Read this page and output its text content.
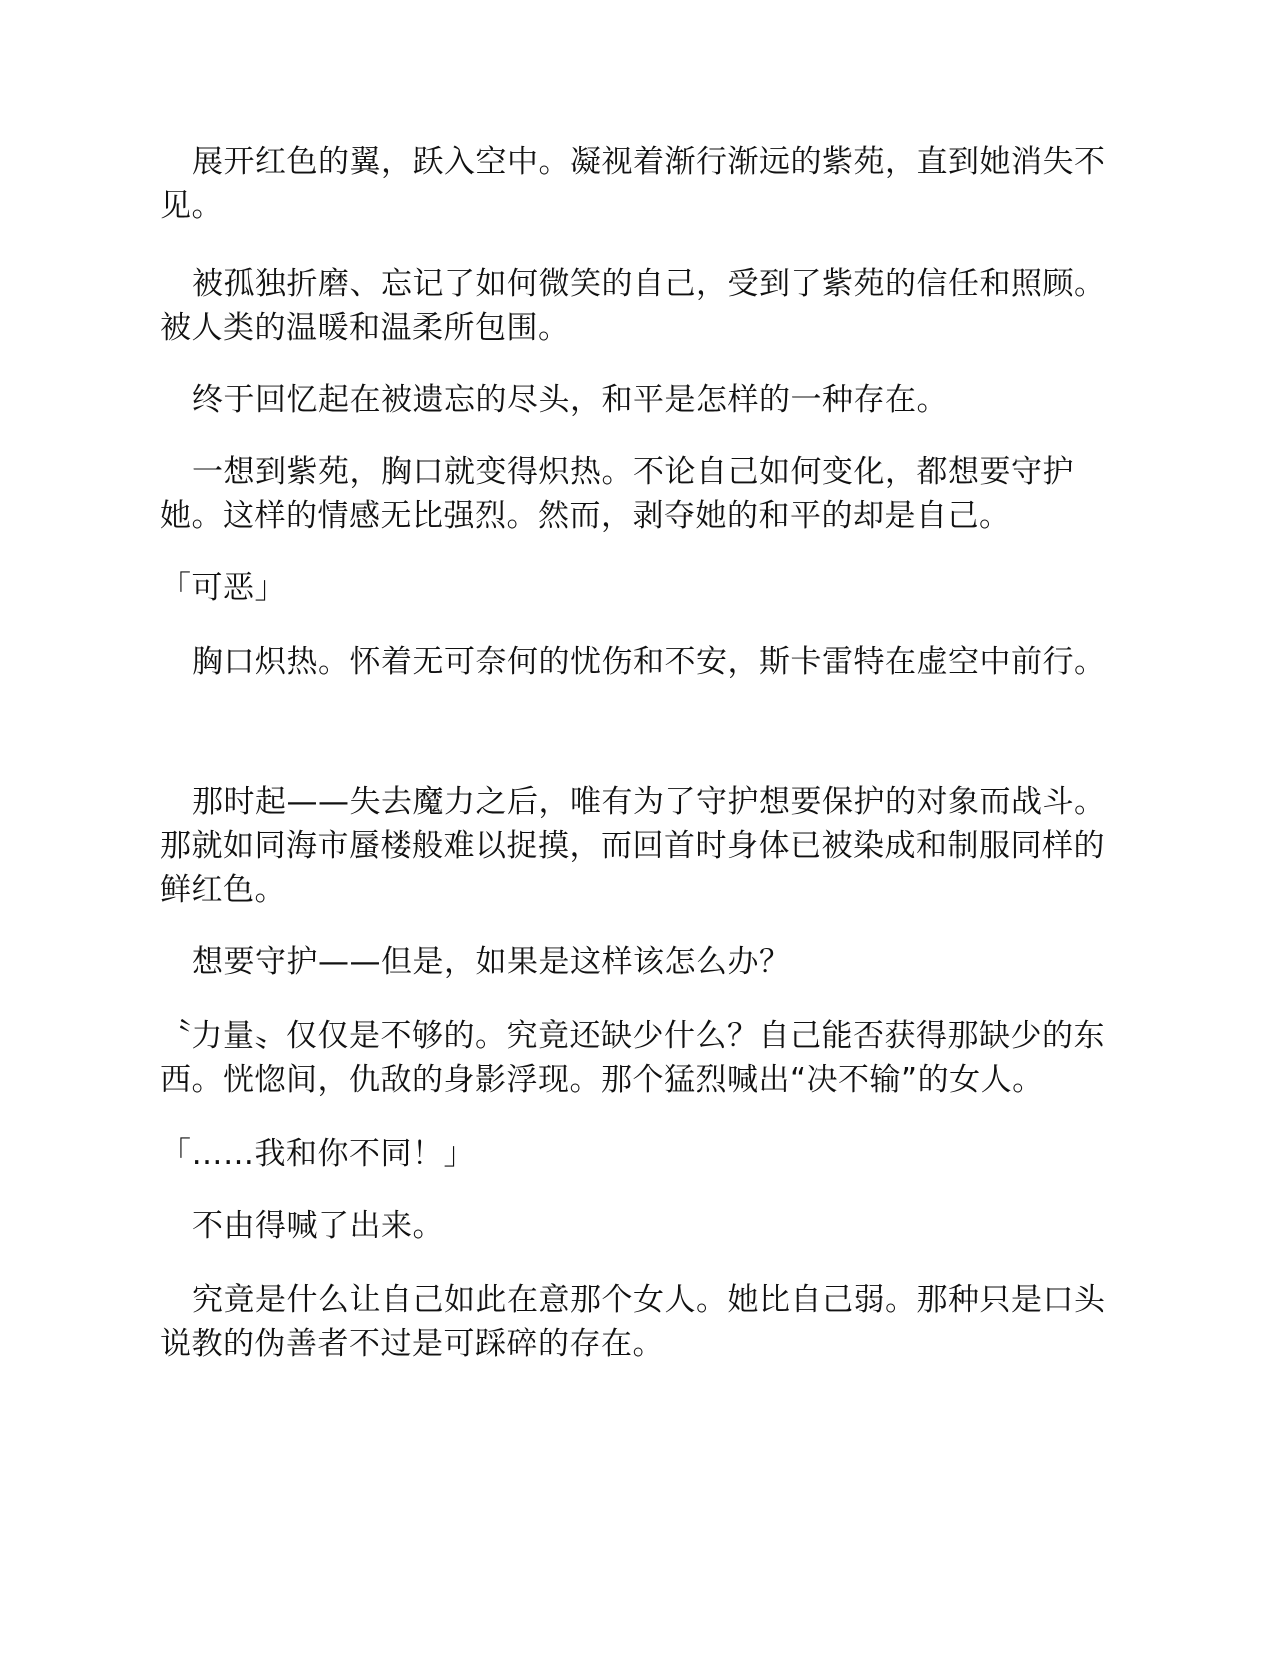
展开红色的翼，跃入空中。凝视着渐行渐远的紫苑，直到她消失不见。

被孤独折磨、忘记了如何微笑的自己，受到了紫苑的信任和照顾。被人类的温暖和温柔所包围。

终于回忆起在被遗忘的尽头，和平是怎样的一种存在。

一想到紫苑，胸口就变得炽热。不论自己如何变化，都想要守护她。这样的情感无比强烈。然而，剥夺她的和平的却是自己。

「可恶」

胸口炽热。怀着无可奈何的忧伤和不安，斯卡雷特在虚空中前行。

那时起——失去魔力之后，唯有为了守护想要保护的对象而战斗。那就如同海市蜃楼般难以捉摸，而回首时身体已被染成和制服同样的鲜红色。

想要守护——但是，如果是这样该怎么办？

〝力量〟仅仅是不够的。究竟还缺少什么？自己能否获得那缺少的东西。恍惚间，仇敌的身影浮现。那个猛烈喊出“决不输”的女人。

「……我和你不同！」

不由得喊了出来。

究竟是什么让自己如此在意那个女人。她比自己弱。那种只是口头说教的伪善者不过是可踩碎的存在。
